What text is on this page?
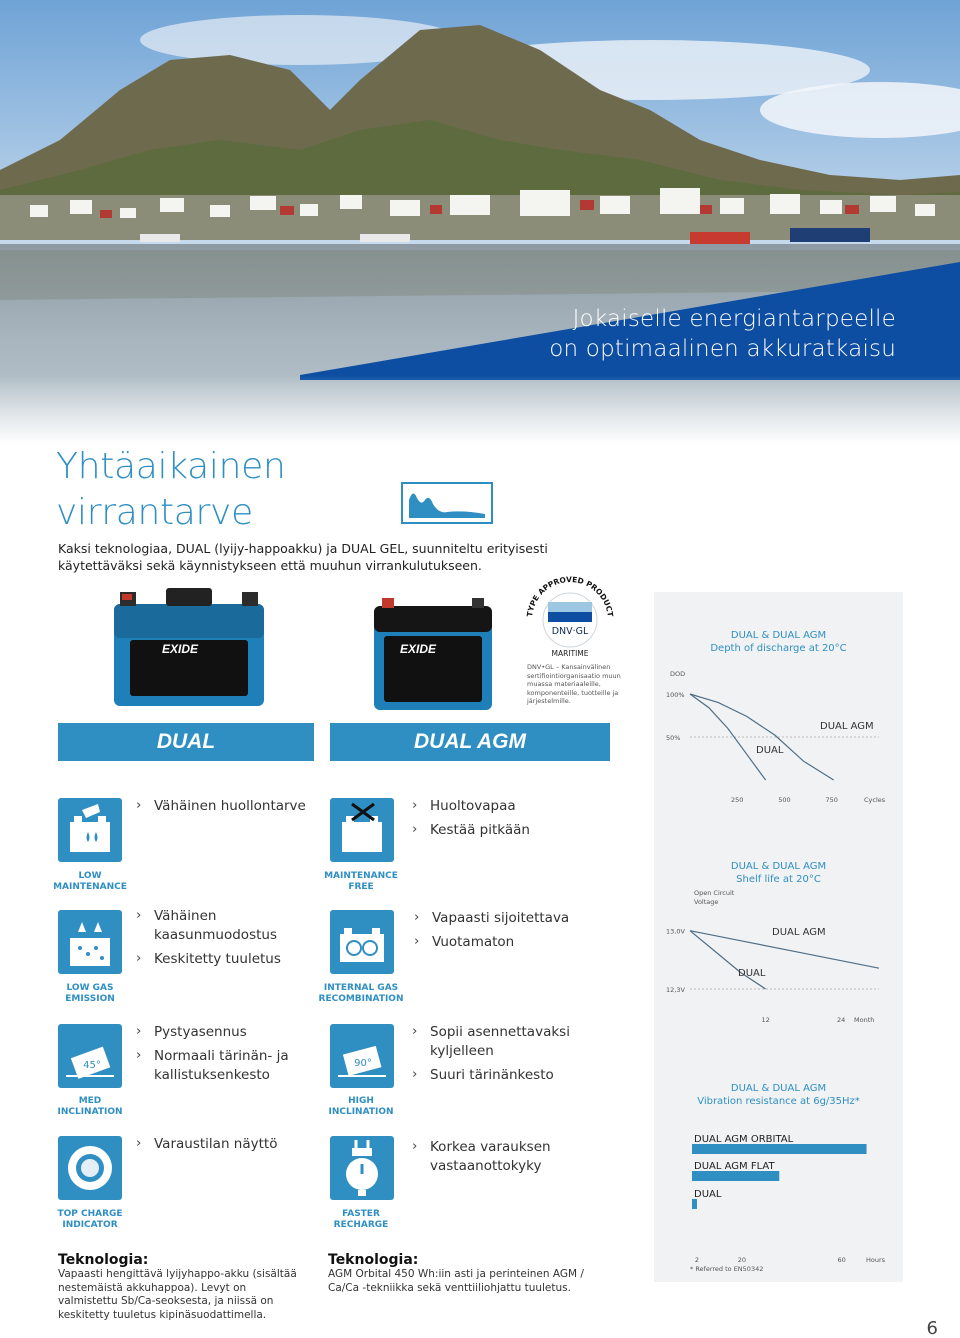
Jokaiselle energiantarpeelle
on optimaalinen akkuratkaisu
Yhtäaikainen
virrantarve
Kaksi teknologiaa, DUAL (lyijy-happoakku) ja DUAL GEL, suunniteltu erityisesti käytettäväksi sekä käynnistykseen että muuhun virrankulutukseen.
EXIDE	EXIDE
TYPE APPROVED PRODUCT
DNV·GL
MARITIME
DNV•GL – Kansainvälinen sertifiointiorganisaatio muun muassa materiaaleille, komponenteille, tuotteille ja järjestelmille.
DUAL	DUAL AGM
LOW
MAINTENANCE
› Vähäinen huollontarve
MAINTENANCE
FREE
› Huoltovapaa
› Kestää pitkään
LOW GAS
EMISSION
› Vähäinen kaasunmuodostus
› Keskitetty tuuletus
INTERNAL GAS
RECOMBINATION
› Vapaasti sijoitettava
› Vuotamaton
45°
MED
INCLINATION
› Pystyasennus
› Normaali tärinän- ja kallistuksenkesto
90°
HIGH
INCLINATION
› Sopii asennettavaksi kyljelleen
› Suuri tärinänkesto
TOP CHARGE
INDICATOR
› Varaustilan näyttö
FASTER
RECHARGE
› Korkea varauksen vastaanottokyky
Teknologia:
Vapaasti hengittävä lyijyhappo-akku (sisältää nestemäistä akkuhappoa). Levyt on valmistettu Sb/Ca-seoksesta, ja niissä on keskitetty tuuletus kipinäsuodattimella.
Teknologia:
AGM Orbital 450 Wh:iin asti ja perinteinen AGM / Ca/Ca -tekniikka sekä venttiiliohjattu tuuletus.
DUAL & DUAL AGM
Depth of discharge at 20°C
DOD
100%
50%
250	500	750	Cycles
DUAL
DUAL AGM
DUAL & DUAL AGM
Shelf life at 20°C
Open Circuit Voltage
13,0V
12,3V
12	24 Month
DUAL
DUAL AGM
DUAL & DUAL AGM
Vibration resistance at 6g/35Hz*
DUAL AGM ORBITAL
DUAL AGM FLAT
DUAL
2	20	60	Hours
* Referred to EN50342
6
